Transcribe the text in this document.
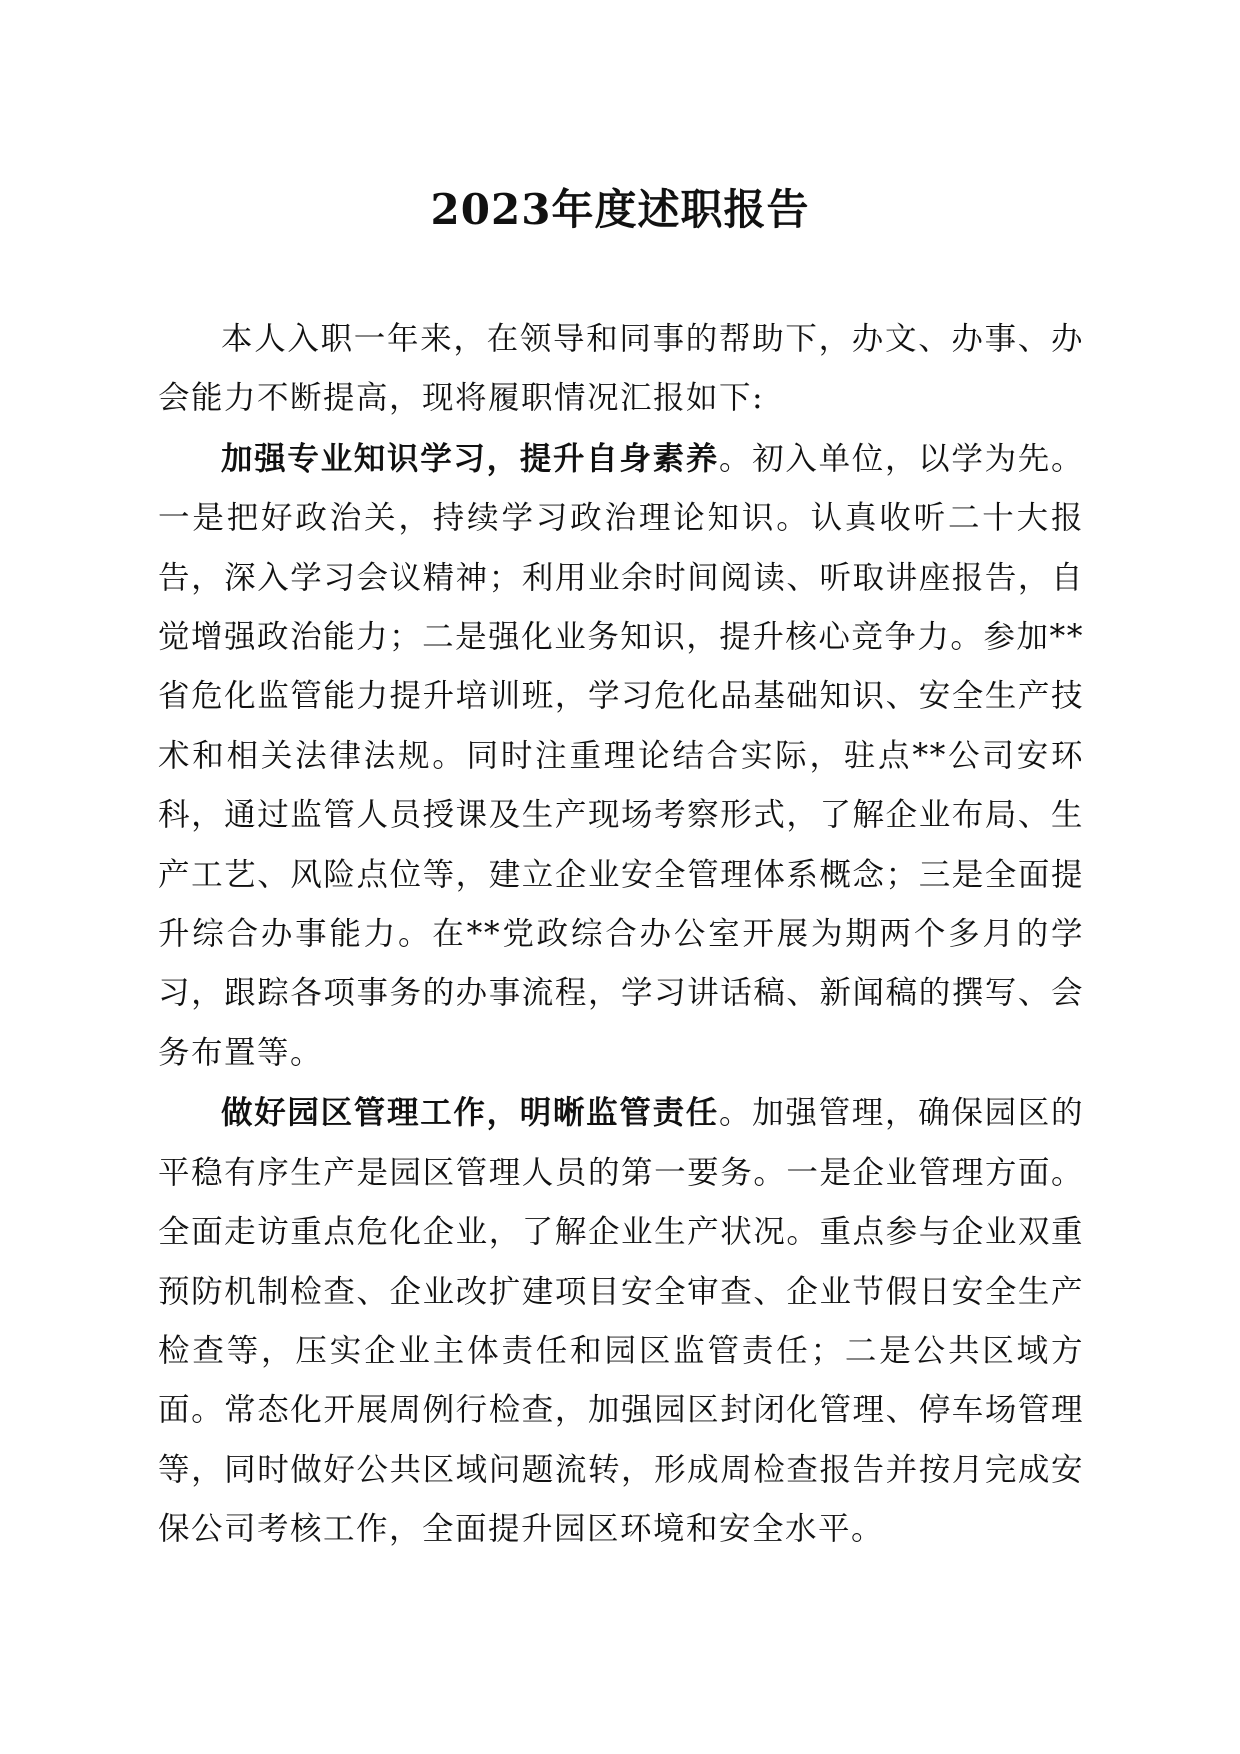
2023年度述职报告

本人入职一年来，在领导和同事的帮助下，办文、办事、办会能力不断提高，现将履职情况汇报如下:

加强专业知识学习，提升自身素养。初入单位，以学为先。一是把好政治关，持续学习政治理论知识。认真收听二十大报告，深入学习会议精神；利用业余时间阅读、听取讲座报告，自觉增强政治能力；二是强化业务知识，提升核心竞争力。参加**省危化监管能力提升培训班，学习危化品基础知识、安全生产技术和相关法律法规。同时注重理论结合实际，驻点**公司安环科，通过监管人员授课及生产现场考察形式，了解企业布局、生产工艺、风险点位等，建立企业安全管理体系概念；三是全面提升综合办事能力。在**党政综合办公室开展为期两个多月的学习，跟踪各项事务的办事流程，学习讲话稿、新闻稿的撰写、会务布置等。

做好园区管理工作，明晰监管责任。加强管理，确保园区的平稳有序生产是园区管理人员的第一要务。一是企业管理方面。全面走访重点危化企业，了解企业生产状况。重点参与企业双重预防机制检查、企业改扩建项目安全审查、企业节假日安全生产检查等，压实企业主体责任和园区监管责任；二是公共区域方面。常态化开展周例行检查，加强园区封闭化管理、停车场管理等，同时做好公共区域问题流转，形成周检查报告并按月完成安保公司考核工作，全面提升园区环境和安全水平。
